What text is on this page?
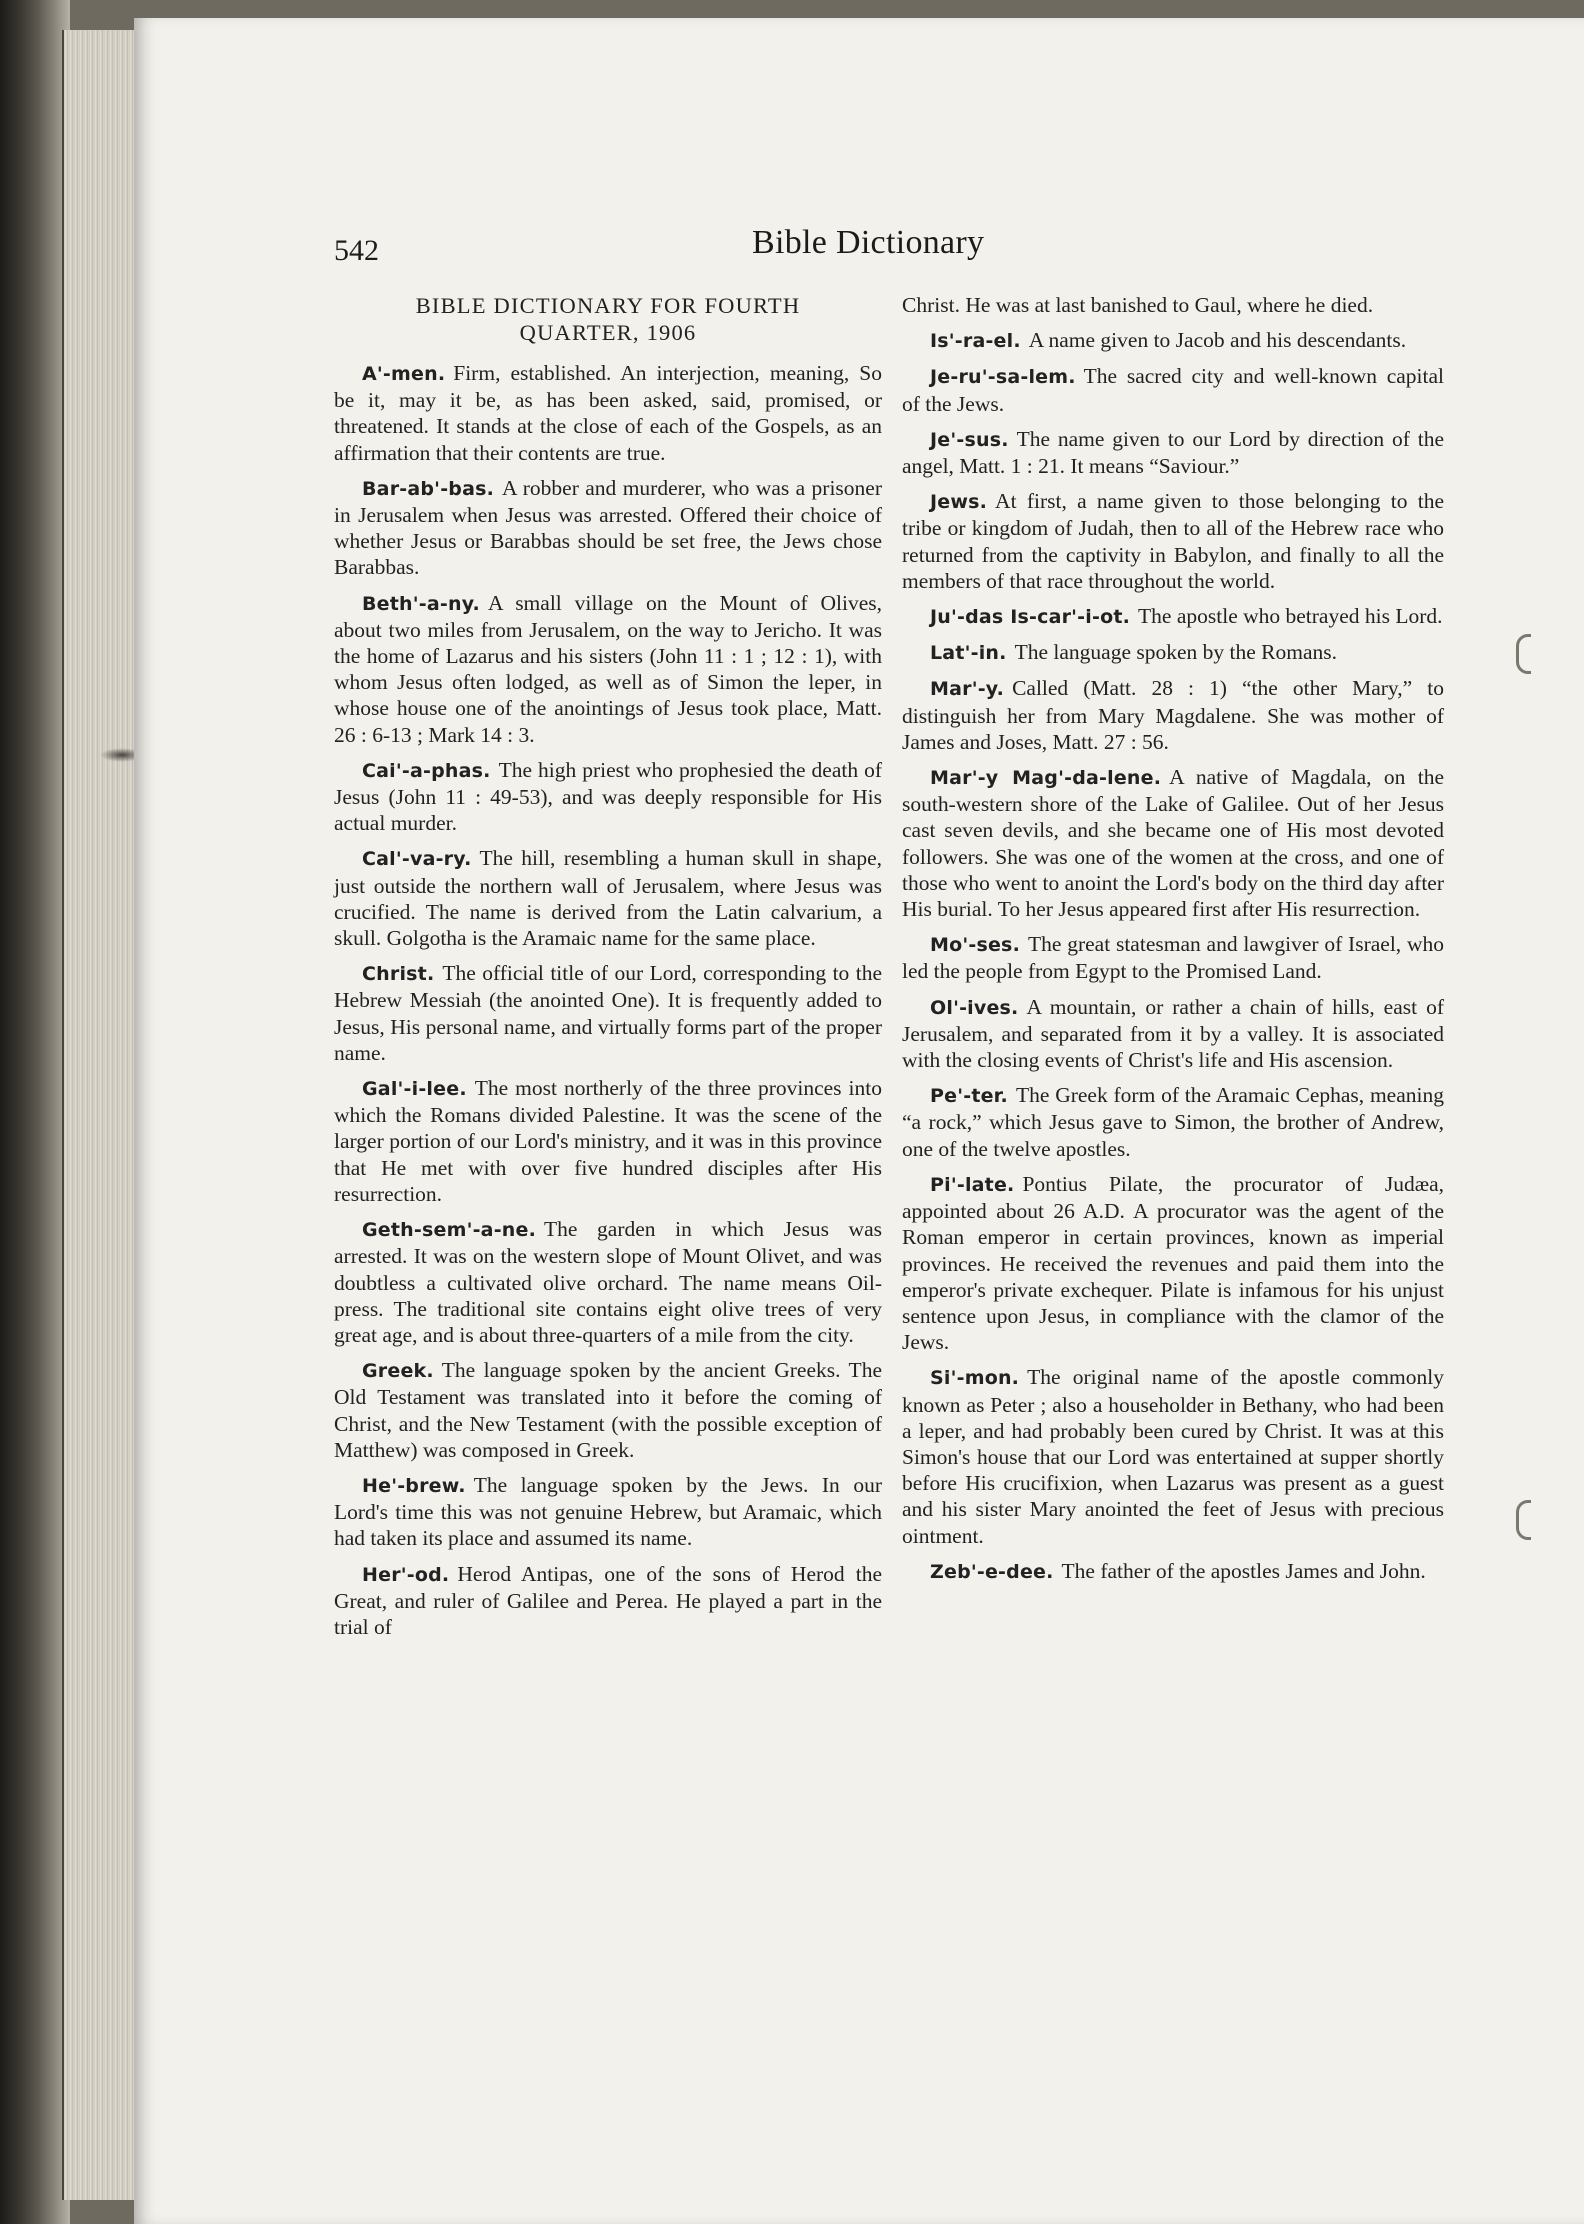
542	Bible Dictionary
BIBLE DICTIONARY FOR FOURTH
QUARTER, 1906

A'-men. Firm, established. An interjection, meaning, So be it, may it be, as has been asked, said, promised, or threatened. It stands at the close of each of the Gospels, as an affirmation that their contents are true.

Bar-ab'-bas. A robber and murderer, who was a prisoner in Jerusalem when Jesus was arrested. Offered their choice of whether Jesus or Barabbas should be set free, the Jews chose Barabbas.

Beth'-a-ny. A small village on the Mount of Olives, about two miles from Jerusalem, on the way to Jericho. It was the home of Lazarus and his sisters (John 11 : 1 ; 12 : 1), with whom Jesus often lodged, as well as of Simon the leper, in whose house one of the anointings of Jesus took place, Matt. 26 : 6-13 ; Mark 14 : 3.

Cai'-a-phas. The high priest who prophesied the death of Jesus (John 11 : 49-53), and was deeply responsible for His actual murder.

Cal'-va-ry. The hill, resembling a human skull in shape, just outside the northern wall of Jerusalem, where Jesus was crucified. The name is derived from the Latin calvarium, a skull. Golgotha is the Aramaic name for the same place.

Christ. The official title of our Lord, corresponding to the Hebrew Messiah (the anointed One). It is frequently added to Jesus, His personal name, and virtually forms part of the proper name.

Gal'-i-lee. The most northerly of the three provinces into which the Romans divided Palestine. It was the scene of the larger portion of our Lord's ministry, and it was in this province that He met with over five hundred disciples after His resurrection.

Geth-sem'-a-ne. The garden in which Jesus was arrested. It was on the western slope of Mount Olivet, and was doubtless a cultivated olive orchard. The name means Oil-press. The traditional site contains eight olive trees of very great age, and is about three-quarters of a mile from the city.

Greek. The language spoken by the ancient Greeks. The Old Testament was translated into it before the coming of Christ, and the New Testament (with the possible exception of Matthew) was composed in Greek.

He'-brew. The language spoken by the Jews. In our Lord's time this was not genuine Hebrew, but Aramaic, which had taken its place and assumed its name.

Her'-od. Herod Antipas, one of the sons of Herod the Great, and ruler of Galilee and Perea. He played a part in the trial of

Christ. He was at last banished to Gaul, where he died.

Is'-ra-el. A name given to Jacob and his descendants.

Je-ru'-sa-lem. The sacred city and well-known capital of the Jews.

Je'-sus. The name given to our Lord by direction of the angel, Matt. 1 : 21. It means “Saviour.”

Jews. At first, a name given to those belonging to the tribe or kingdom of Judah, then to all of the Hebrew race who returned from the captivity in Babylon, and finally to all the members of that race throughout the world.

Ju'-das Is-car'-i-ot. The apostle who betrayed his Lord.

Lat'-in. The language spoken by the Romans.

Mar'-y. Called (Matt. 28 : 1) “the other Mary,” to distinguish her from Mary Magdalene. She was mother of James and Joses, Matt. 27 : 56.

Mar'-y Mag'-da-lene. A native of Magdala, on the south-western shore of the Lake of Galilee. Out of her Jesus cast seven devils, and she became one of His most devoted followers. She was one of the women at the cross, and one of those who went to anoint the Lord's body on the third day after His burial. To her Jesus appeared first after His resurrection.

Mo'-ses. The great statesman and lawgiver of Israel, who led the people from Egypt to the Promised Land.

Ol'-ives. A mountain, or rather a chain of hills, east of Jerusalem, and separated from it by a valley. It is associated with the closing events of Christ's life and His ascension.

Pe'-ter. The Greek form of the Aramaic Cephas, meaning “a rock,” which Jesus gave to Simon, the brother of Andrew, one of the twelve apostles.

Pi'-late. Pontius Pilate, the procurator of Judæa, appointed about 26 A.D. A procurator was the agent of the Roman emperor in certain provinces, known as imperial provinces. He received the revenues and paid them into the emperor's private exchequer. Pilate is infamous for his unjust sentence upon Jesus, in compliance with the clamor of the Jews.

Si'-mon. The original name of the apostle commonly known as Peter ; also a householder in Bethany, who had been a leper, and had probably been cured by Christ. It was at this Simon's house that our Lord was entertained at supper shortly before His crucifixion, when Lazarus was present as a guest and his sister Mary anointed the feet of Jesus with precious ointment.

Zeb'-e-dee. The father of the apostles James and John.
